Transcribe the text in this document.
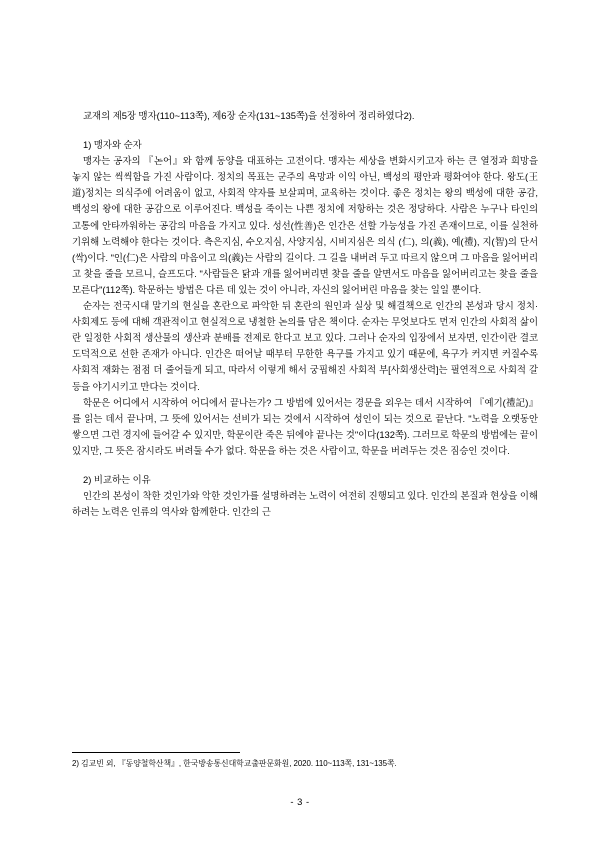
교재의 제5장 맹자(110~113쪽), 제6장 순자(131~135쪽)을 선정하여 정리하였다2).

1) 맹자와 순자

맹자는 공자의 『논어』와 함께 동양을 대표하는 고전이다. 맹자는 세상을 변화시키고자 하는 큰 열정과 희망을 놓지 않는 씩씩함을 가진 사람이다. 정치의 목표는 군주의 욕망과 이익 아닌, 백성의 평안과 평화여야 한다. 왕도(王道)정치는 의식주에 어려움이 없고, 사회적 약자를 보살피며, 교육하는 것이다. 좋은 정치는 왕의 백성에 대한 공감, 백성의 왕에 대한 공감으로 이루어진다. 백성을 죽이는 나쁜 정치에 저항하는 것은 정당하다. 사람은 누구나 타인의 고통에 안타까워하는 공감의 마음을 가지고 있다. 성선(性善)은 인간은 선할 가능성을 가진 존재이므로, 이를 실천하기위해 노력해야 한다는 것이다. 측은지심, 수오지심, 사양지심, 시비지심은 의식 (仁), 의(義), 예(禮), 지(智)의 단서(싹)이다. "인(仁)은 사람의 마음이고 의(義)는 사람의 길이다. 그 길을 내버려 두고 따르지 않으며 그 마음을 잃어버리고 찾을 줄을 모르니, 슬프도다. "사람들은 닭과 개를 잃어버리면 찾을 줄을 알면서도 마음을 잃어버리고는 찾을 줄을 모른다"(112쪽). 학문하는 방법은 다른 데 있는 것이 아니라, 자신의 잃어버린 마음을 찾는 일일 뿐이다.

순자는 전국시대 말기의 현실을 혼란으로 파악한 뒤 혼란의 원인과 실상 및 해결책으로 인간의 본성과 당시 정치·사회제도 등에 대해 객관적이고 현실적으로 냉철한 논의를 담은 책이다. 순자는 무엇보다도 먼저 인간의 사회적 삶이란 일정한 사회적 생산물의 생산과 분배를 전제로 한다고 보고 있다. 그러나 순자의 입장에서 보자면, 인간이란 결코 도덕적으로 선한 존재가 아니다. 인간은 떠어날 때부터 무한한 욕구를 가지고 있기 때문에, 욕구가 커지면 커질수록 사회적 재화는 점점 더 줄어들게 되고, 따라서 이렇게 해서 궁핍해진 사회적 부[사회생산력]는 필연적으로 사회적 갈등을 야기시키고 만다는 것이다.

학문은 어디에서 시작하여 어디에서 끝나는가? 그 방법에 있어서는 경문을 외우는 데서 시작하여 『예기(禮記)』를 읽는 데서 끝나며, 그 뜻에 있어서는 선비가 되는 것에서 시작하여 성인이 되는 것으로 끝난다. "노력을 오랫동안 쌓으면 그런 경지에 들어갈 수 있지만, 학문이란 죽은 뒤에야 끝나는 것"이다(132쪽). 그러므로 학문의 방법에는 끝이 있지만, 그 뜻은 잠시라도 버려둘 수가 없다. 학문을 하는 것은 사람이고, 학문을 버려두는 것은 짐승인 것이다.

2) 비교하는 이유

인간의 본성이 착한 것인가와 악한 것인가를 설명하려는 노력이 여전히 진행되고 있다. 인간의 본질과 현상을 이해하려는 노력은 인류의 역사와 함께한다. 인간의 근

2) 김교빈 외, 『동양철학산책』, 한국방송통신대학교출판문화원, 2020. 110~113쪽, 131~135쪽.
- 3 -
